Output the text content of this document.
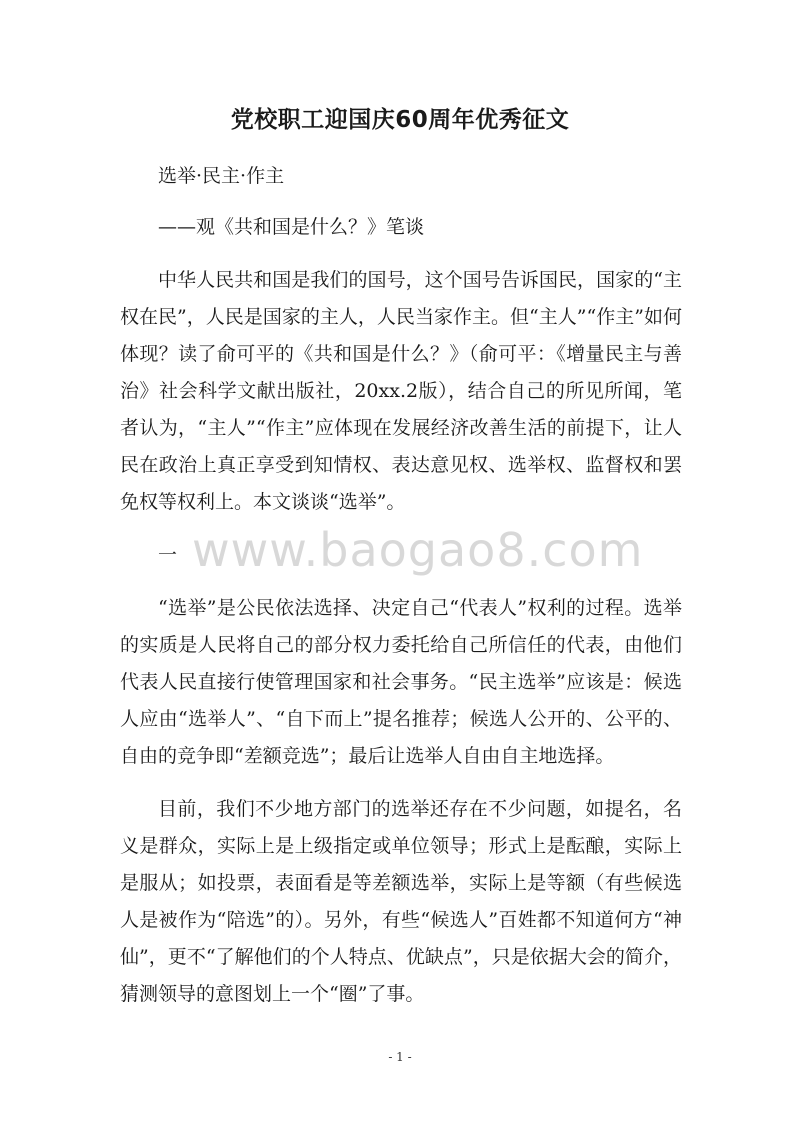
党校职工迎国庆60周年优秀征文

选举·民主·作主

——观《共和国是什么？》笔谈

中华人民共和国是我们的国号，这个国号告诉国民，国家的“主权在民”，人民是国家的主人，人民当家作主。但“主人”“作主”如何体现？读了俞可平的《共和国是什么？》（俞可平：《增量民主与善治》社会科学文献出版社，20xx.2版），结合自己的所见所闻，笔者认为，“主人”“作主”应体现在发展经济改善生活的前提下，让人民在政治上真正享受到知情权、表达意见权、选举权、监督权和罢免权等权利上。本文谈谈“选举”。

一

“选举”是公民依法选择、决定自己“代表人”权利的过程。选举的实质是人民将自己的部分权力委托给自己所信任的代表，由他们代表人民直接行使管理国家和社会事务。“民主选举”应该是：候选人应由“选举人”、“自下而上”提名推荐；候选人公开的、公平的、自由的竞争即“差额竞选”；最后让选举人自由自主地选择。

目前，我们不少地方部门的选举还存在不少问题，如提名，名义是群众，实际上是上级指定或单位领导；形式上是酝酿，实际上是服从；如投票，表面看是等差额选举，实际上是等额（有些候选人是被作为“陪选”的）。另外，有些“候选人”百姓都不知道何方“神仙”，更不“了解他们的个人特点、优缺点”，只是依据大会的简介，猜测领导的意图划上一个“圈”了事。

www.baogao8.com
- 1 -
